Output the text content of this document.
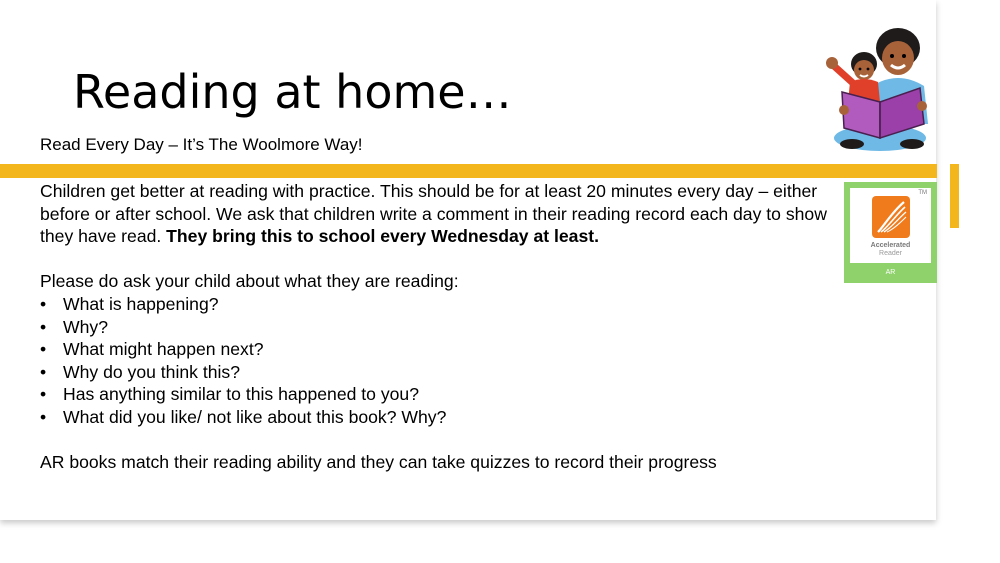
Reading at home…
Read Every Day – It’s The Woolmore Way!

Children get better at reading with practice. This should be for at least 20 minutes every day – either before or after school. We ask that children write a comment in their reading record each day to show they have read. They bring this to school every Wednesday at least.

Please do ask your child about what they are reading:

• What is happening?
• Why?
• What might happen next?
• Why do you think this?
• Has anything similar to this happened to you?
• What did you like/ not like about this book? Why?

AR books match their reading ability and they can take quizzes to record their progress

TM
Accelerated
Reader
AR
